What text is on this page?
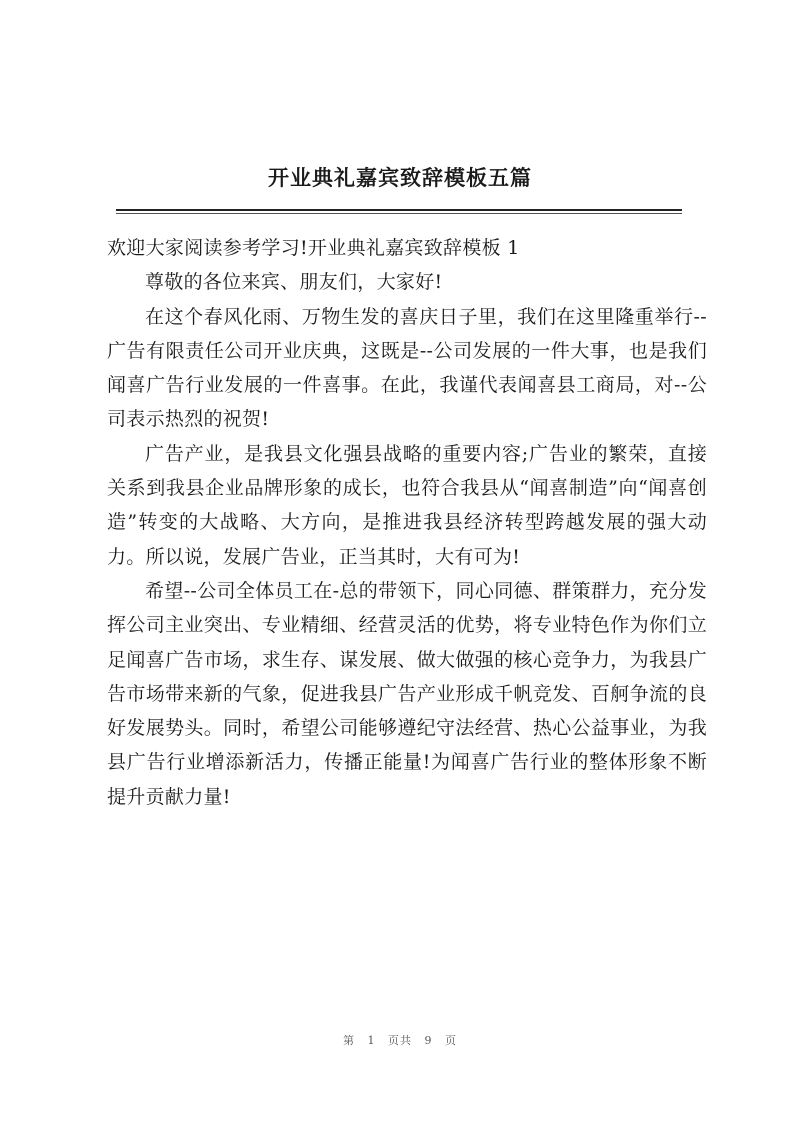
开业典礼嘉宾致辞模板五篇

欢迎大家阅读参考学习!开业典礼嘉宾致辞模板 1

尊敬的各位来宾、朋友们，大家好!

在这个春风化雨、万物生发的喜庆日子里，我们在这里隆重举行--广告有限责任公司开业庆典，这既是--公司发展的一件大事，也是我们闻喜广告行业发展的一件喜事。在此，我谨代表闻喜县工商局，对--公司表示热烈的祝贺!

广告产业，是我县文化强县战略的重要内容;广告业的繁荣，直接关系到我县企业品牌形象的成长，也符合我县从“闻喜制造”向“闻喜创造”转变的大战略、大方向，是推进我县经济转型跨越发展的强大动力。所以说，发展广告业，正当其时，大有可为!

希望--公司全体员工在-总的带领下，同心同德、群策群力，充分发挥公司主业突出、专业精细、经营灵活的优势，将专业特色作为你们立足闻喜广告市场，求生存、谋发展、做大做强的核心竞争力，为我县广告市场带来新的气象，促进我县广告产业形成千帆竞发、百舸争流的良好发展势头。同时，希望公司能够遵纪守法经营、热心公益事业，为我县广告行业增添新活力，传播正能量!为闻喜广告行业的整体形象不断提升贡献力量!

第 1 页共 9 页
